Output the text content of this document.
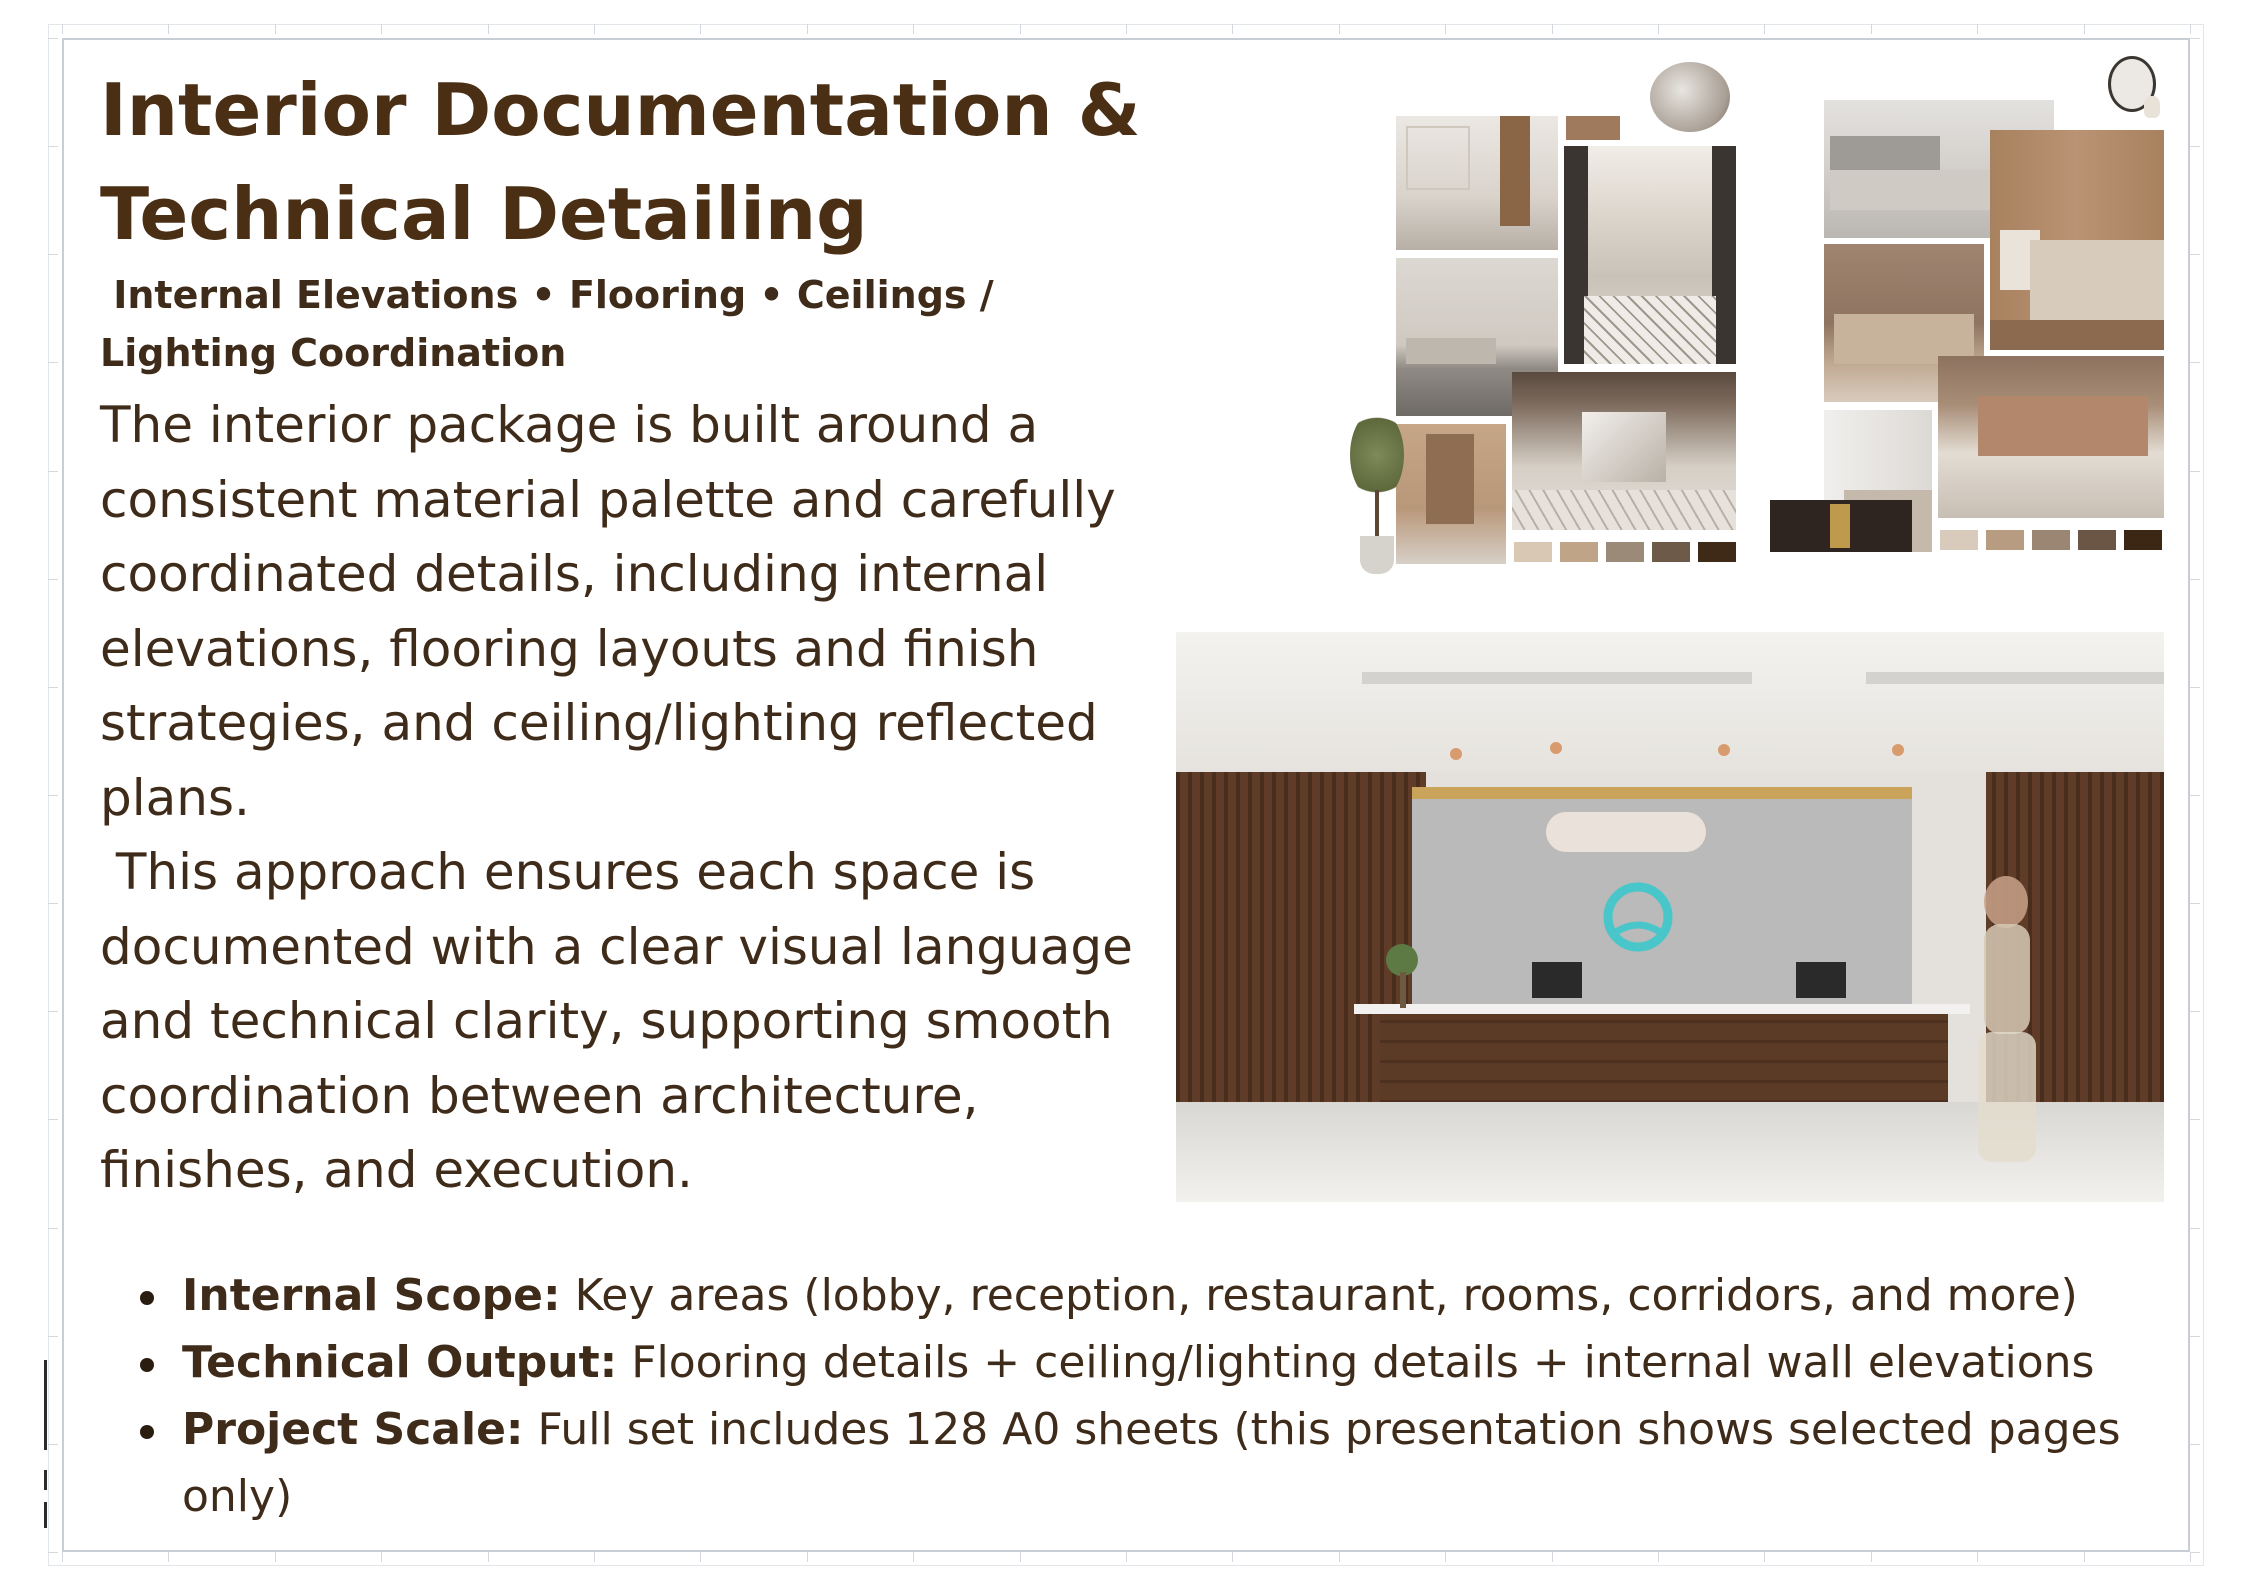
Interior Documentation & Technical Detailing

Internal Elevations • Flooring • Ceilings / Lighting Coordination

The interior package is built around a consistent material palette and carefully coordinated details, including internal elevations, flooring layouts and finish strategies, and ceiling/lighting reflected plans.
This approach ensures each space is documented with a clear visual language and technical clarity, supporting smooth coordination between architecture, finishes, and execution.

Internal Scope: Key areas (lobby, reception, restaurant, rooms, corridors, and more)
Technical Output: Flooring details + ceiling/lighting details + internal wall elevations
Project Scale: Full set includes 128 A0 sheets (this presentation shows selected pages only)
